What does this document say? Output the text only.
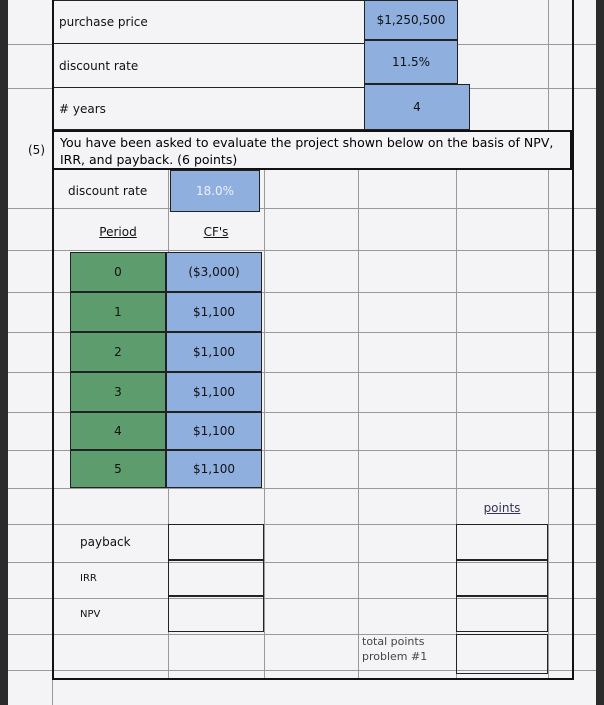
purchase price	$1,250,500
discount rate	11.5%
# years	4
(5)	You have been asked to evaluate the project shown below on the basis of NPV,
IRR, and payback. (6 points)
discount rate	18.0%
Period	CF's
0	($3,000)
1	$1,100
2	$1,100
3	$1,100
4	$1,100
5	$1,100
points
payback
IRR
NPV
total points
problem #1
